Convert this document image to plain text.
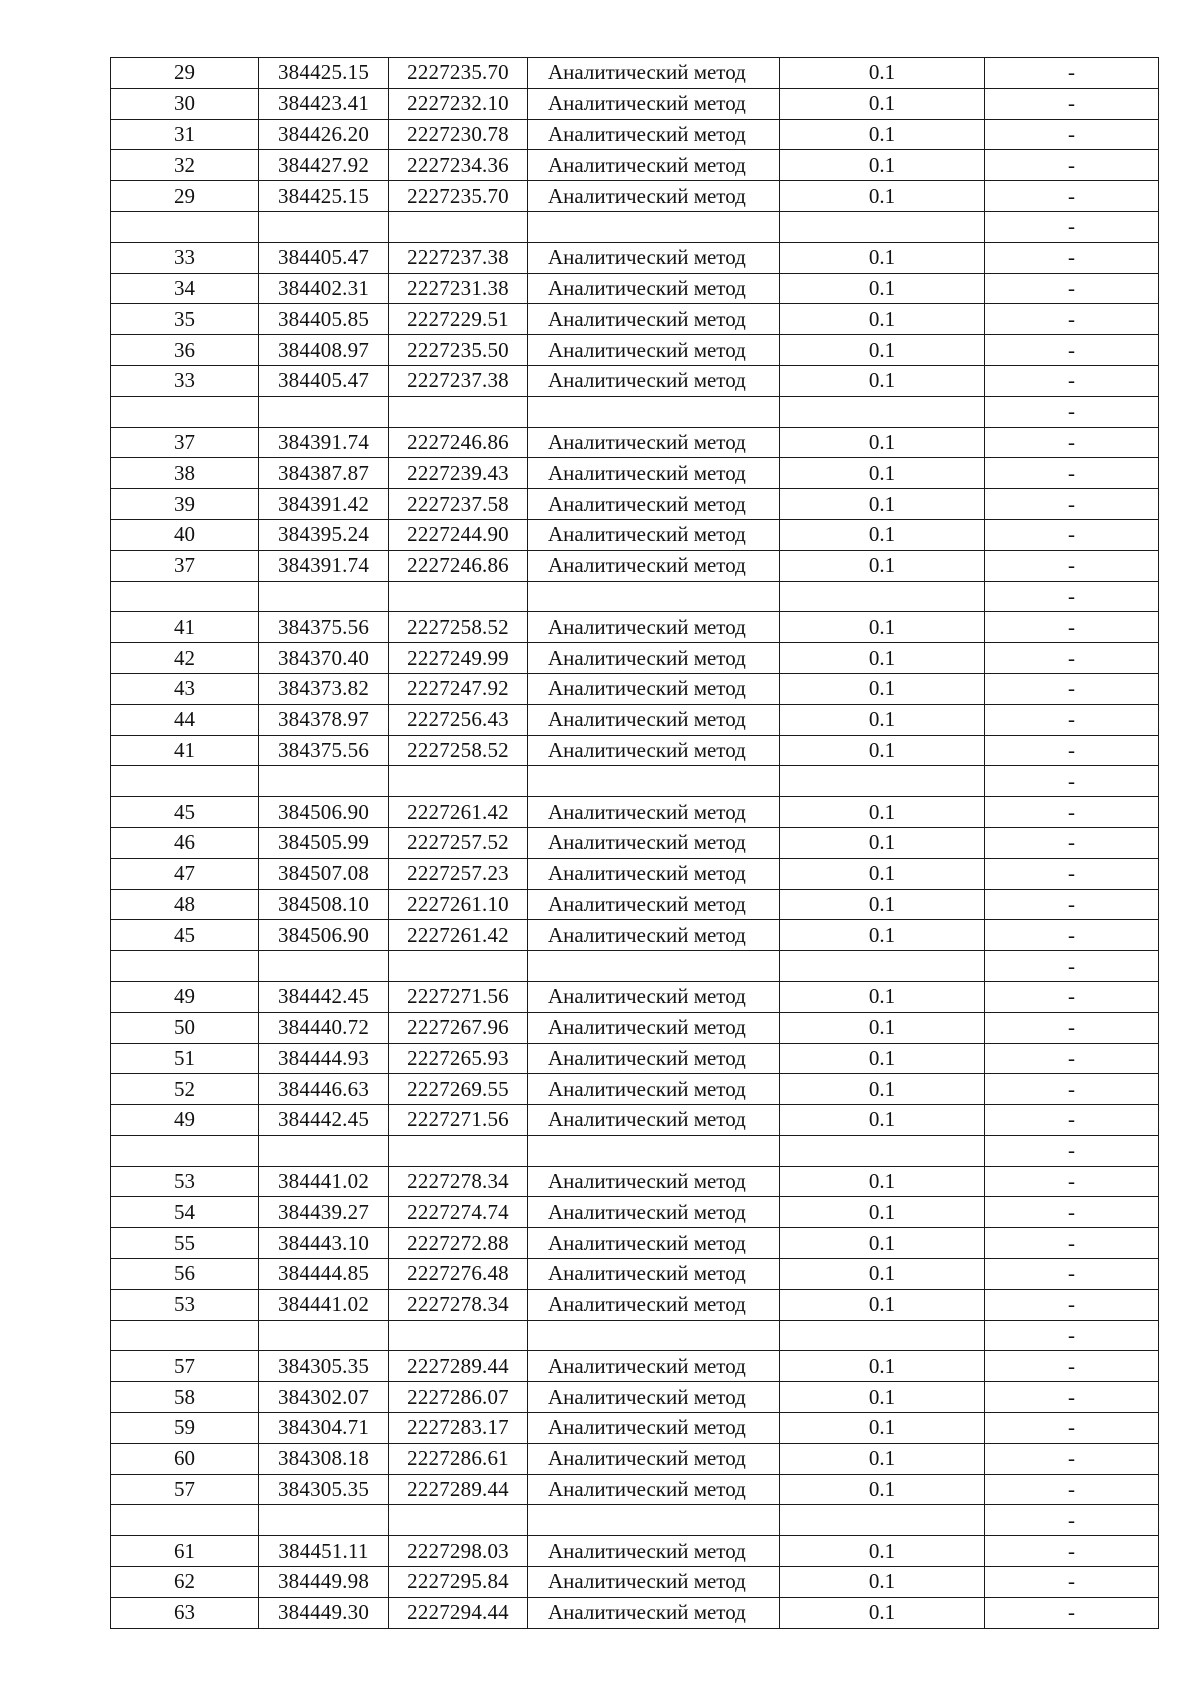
29	384425.15	2227235.70	Аналитический метод	0.1	-
30	384423.41	2227232.10	Аналитический метод	0.1	-
31	384426.20	2227230.78	Аналитический метод	0.1	-
32	384427.92	2227234.36	Аналитический метод	0.1	-
29	384425.15	2227235.70	Аналитический метод	0.1	-
					-
33	384405.47	2227237.38	Аналитический метод	0.1	-
34	384402.31	2227231.38	Аналитический метод	0.1	-
35	384405.85	2227229.51	Аналитический метод	0.1	-
36	384408.97	2227235.50	Аналитический метод	0.1	-
33	384405.47	2227237.38	Аналитический метод	0.1	-
					-
37	384391.74	2227246.86	Аналитический метод	0.1	-
38	384387.87	2227239.43	Аналитический метод	0.1	-
39	384391.42	2227237.58	Аналитический метод	0.1	-
40	384395.24	2227244.90	Аналитический метод	0.1	-
37	384391.74	2227246.86	Аналитический метод	0.1	-
					-
41	384375.56	2227258.52	Аналитический метод	0.1	-
42	384370.40	2227249.99	Аналитический метод	0.1	-
43	384373.82	2227247.92	Аналитический метод	0.1	-
44	384378.97	2227256.43	Аналитический метод	0.1	-
41	384375.56	2227258.52	Аналитический метод	0.1	-
					-
45	384506.90	2227261.42	Аналитический метод	0.1	-
46	384505.99	2227257.52	Аналитический метод	0.1	-
47	384507.08	2227257.23	Аналитический метод	0.1	-
48	384508.10	2227261.10	Аналитический метод	0.1	-
45	384506.90	2227261.42	Аналитический метод	0.1	-
					-
49	384442.45	2227271.56	Аналитический метод	0.1	-
50	384440.72	2227267.96	Аналитический метод	0.1	-
51	384444.93	2227265.93	Аналитический метод	0.1	-
52	384446.63	2227269.55	Аналитический метод	0.1	-
49	384442.45	2227271.56	Аналитический метод	0.1	-
					-
53	384441.02	2227278.34	Аналитический метод	0.1	-
54	384439.27	2227274.74	Аналитический метод	0.1	-
55	384443.10	2227272.88	Аналитический метод	0.1	-
56	384444.85	2227276.48	Аналитический метод	0.1	-
53	384441.02	2227278.34	Аналитический метод	0.1	-
					-
57	384305.35	2227289.44	Аналитический метод	0.1	-
58	384302.07	2227286.07	Аналитический метод	0.1	-
59	384304.71	2227283.17	Аналитический метод	0.1	-
60	384308.18	2227286.61	Аналитический метод	0.1	-
57	384305.35	2227289.44	Аналитический метод	0.1	-
					-
61	384451.11	2227298.03	Аналитический метод	0.1	-
62	384449.98	2227295.84	Аналитический метод	0.1	-
63	384449.30	2227294.44	Аналитический метод	0.1	-
